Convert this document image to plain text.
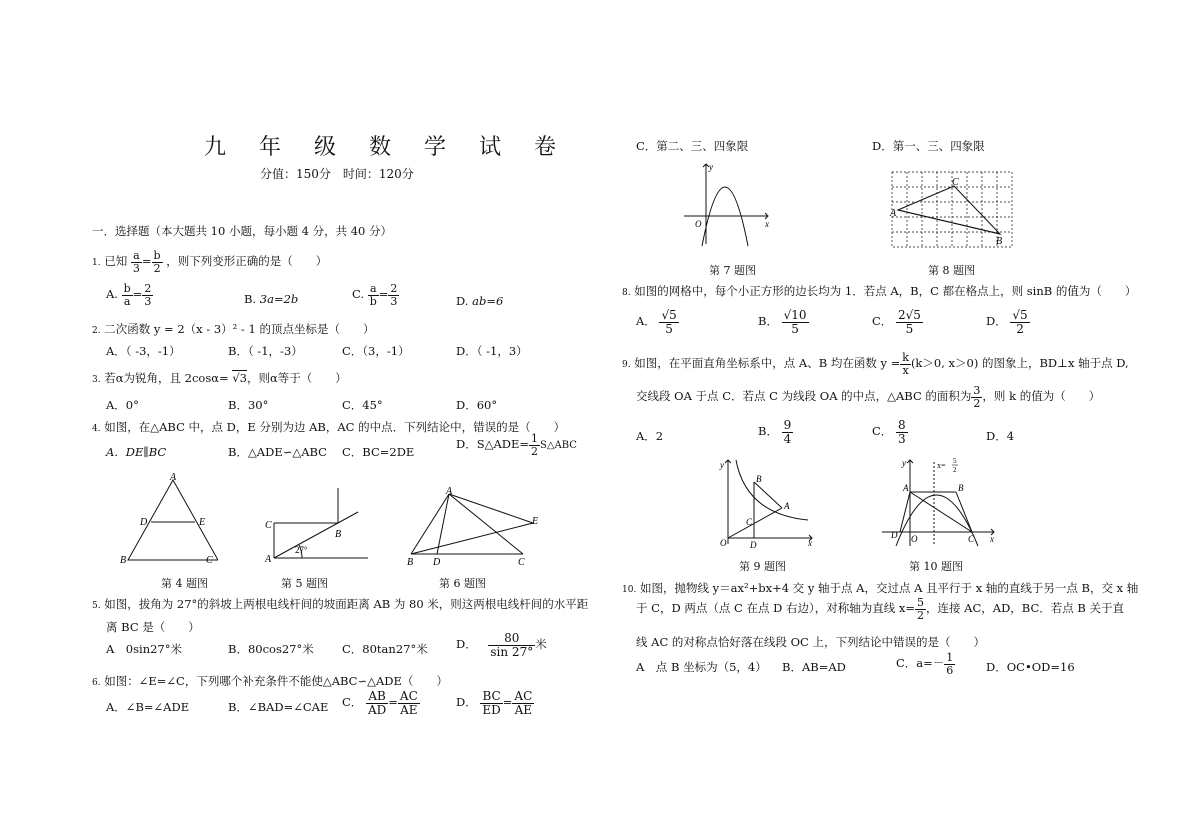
九 年 级 数 学 试 卷
分值：150分　时间：120分
一．选择题（本大题共 10 小题，每小题 4 分，共 40 分）
1. 已知 $\frac{a}{3} = \frac{b}{2}$ ，则下列变形正确的是（　　）
A. $\frac{b}{a} = \frac{2}{3}$	B. 3a=2b	C. $\frac{a}{b} = \frac{2}{3}$	D. ab=6
2. 二次函数 y = 2（x - 3）² - 1 的顶点坐标是（　　）
A．（ -3，-1）	B．（ -1，-3）	C．（3，-1）	D．（ -1，3）
3. 若α为锐角，且 2cosα= √3，则α等于（　　）
A．0°	B．30°	C．45°	D．60°
4. 如图，在△ABC 中，点 D，E 分别为边 AB，AC 的中点．下列结论中，错误的是（　　）
A．DE∥BC	B．△ADE∽△ABC C．BC=2DE
D．S△ADE= $\frac{1}{2}$ S△ABC
A
D	E
B	C
第 4 题图
C
A
B
27°
第 5 题图
A
E
B D	C
第 6 题图
5. 如图，拔角为 27°的斜坡上两根电线杆间的坡面距离 AB 为 80 米，则这两根电线杆间的水平距
离 BC 是（　　）
A　0sin27°米	B．80cos27°米 C．80tan27°米 D． $\frac{80}{\sin 27^\circ}$ 米
6. 如图：∠E=∠C，下列哪个补充条件不能使△ABC∽△ADE（　　）
A．∠B=∠ADE	B．∠BAD=∠CAE C． $\frac{AB}{AD} = \frac{AC}{AE}$	D． $\frac{BC}{ED} = \frac{AC}{AE}$
C．第二、三、四象限	D．第一、三、四象限
y
O	x
第 7 题图
A
C
B
第 8 题图
8. 如图的网格中，每个小正方形的边长均为 1．若点 A，B，C 都在格点上，则 sinB 的值为（　　）
A． $\frac{√5}{5}$	B． $\frac{√10}{5}$	C． $\frac{2√5}{5}$	D． $\frac{√5}{2}$
9. 如图，在平面直角坐标系中，点 A、B 均在函数 $y = \frac{k}{x} (k>0$, x＞0) 的图象上，BD⊥x 轴于点 D,
交线段 OA 于点 C．若点 C 为线段 OA 的中点，△ABC 的面积为 $\frac{3}{2}$ ，则 k 的值为（　　）
A．2	B． $\frac{9}{4}$	C． $\frac{8}{3}$	D．4
y
B
A
C
O	D	x
第 9 题图
y	x= 5
2
A	B
D O	C x
第 10 题图
10. 如图，抛物线 y＝ax²+bx+4 交 y 轴于点 A，交过点 A 且平行于 x 轴的直线于另一点 B，交 x 轴
于 C，D 两点（点 C 在点 D 右边），对称轴为直线 $x= \frac{5}{2}$ ，连接 AC，AD，BC．若点 B 关于直
线 AC 的对称点恰好落在线段 OC 上，下列结论中错误的是（　　）
A　点 B 坐标为（5，4） B．AB=AD	C．$a=- \frac{1}{6}$	D．OC•OD=16
